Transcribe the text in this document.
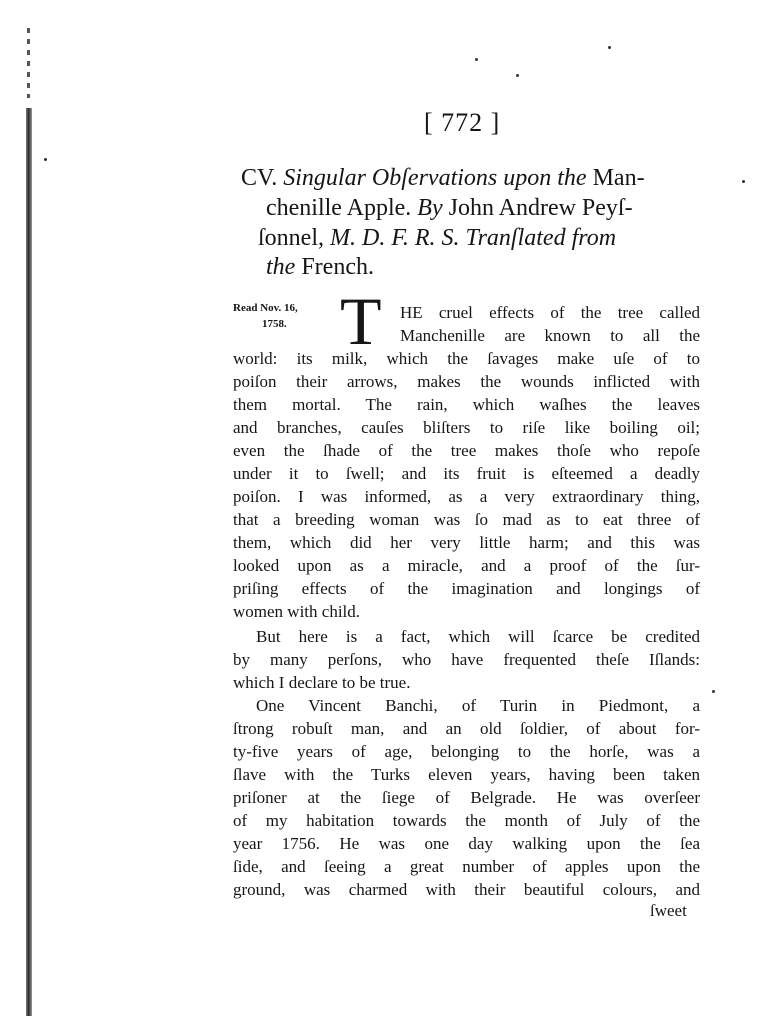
[ 772 ]
CV. Singular Obſervations upon the Man-
chenille Apple. By John Andrew Peyſ-
ſonnel, M. D. F. R. S. Tranſlated from
the French.
Read Nov. 16,
1758. T HE cruel effects of the tree called
Manchenille are known to all the
world: its milk, which the ſavages make uſe of to
poiſon their arrows, makes the wounds inflicted with
them mortal. The rain, which waſhes the leaves
and branches, cauſes bliſters to riſe like boiling oil;
even the ſhade of the tree makes thoſe who repoſe
under it to ſwell; and its fruit is eſteemed a deadly
poiſon. I was informed, as a very extraordinary thing,
that a breeding woman was ſo mad as to eat three of
them, which did her very little harm; and this was
looked upon as a miracle, and a proof of the ſur-
priſing effects of the imagination and longings of
women with child.
But here is a fact, which will ſcarce be credited
by many perſons, who have frequented theſe Iſlands:
which I declare to be true.
One Vincent Banchi, of Turin in Piedmont, a
ſtrong robuſt man, and an old ſoldier, of about for-
ty-five years of age, belonging to the horſe, was a
ſlave with the Turks eleven years, having been taken
priſoner at the ſiege of Belgrade. He was overſeer
of my habitation towards the month of July of the
year 1756. He was one day walking upon the ſea
ſide, and ſeeing a great number of apples upon the
ground, was charmed with their beautiful colours, and
ſweet
